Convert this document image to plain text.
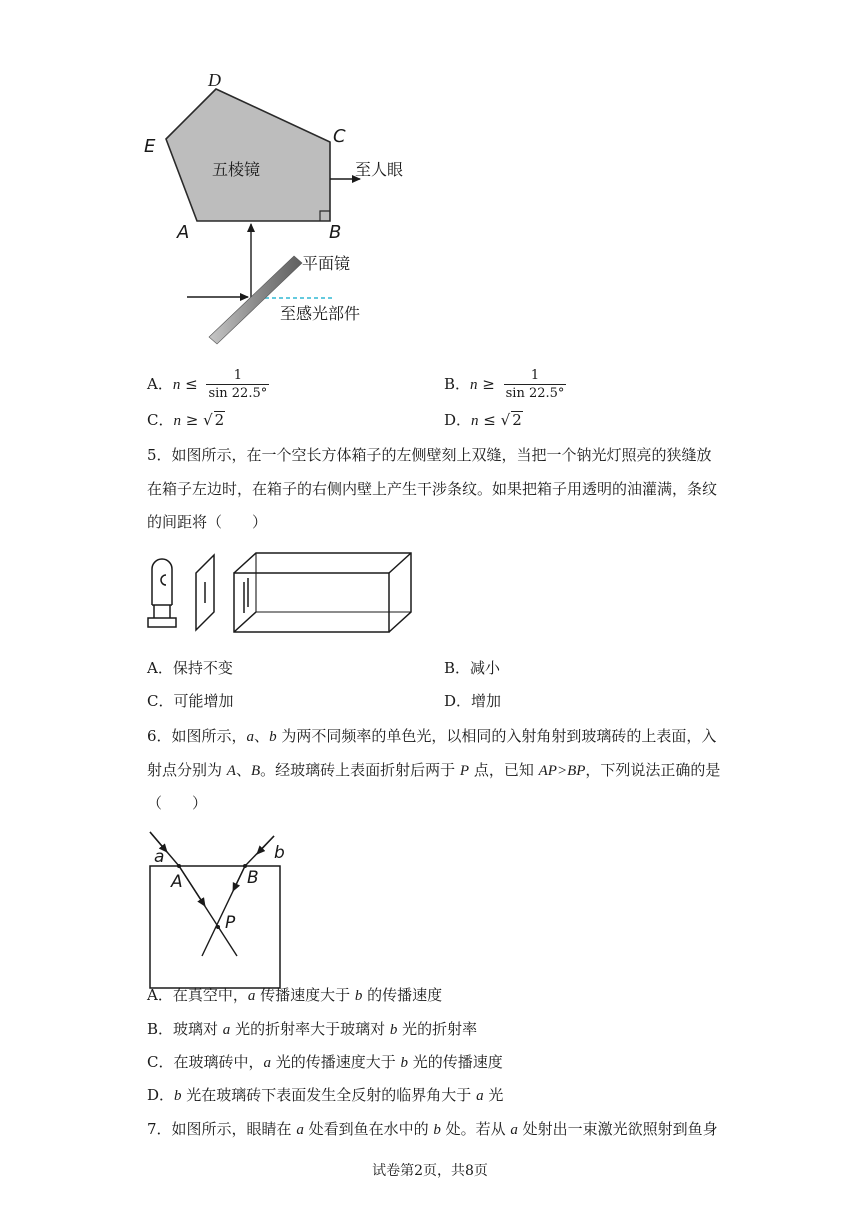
D
C
E
A	B
五棱镜	至人眼
平面镜
至感光部件
A．$n \le \frac{1}{\sin 22.5^\circ}$	B．$n \ge \frac{1}{\sin 22.5^\circ}$
C．n ≥ √ 2	D．n ≤ √ 2
5．如图所示，在一个空长方体箱子的左侧壁刻上双缝，当把一个钠光灯照亮的狭缝放
在箱子左边时，在箱子的右侧内壁上产生干涉条纹。如果把箱子用透明的油灌满，条纹
的间距将（　　）
A．保持不变	B．减小
C．可能增加	D．增加
6．如图所示，a、b 为两不同频率的单色光，以相同的入射角射到玻璃砖的上表面，入
射点分别为 A、B。经玻璃砖上表面折射后两于 P 点，已知 AP>BP，下列说法正确的是
（　　）
a	b
A	B
P
A．在真空中，a 传播速度大于 b 的传播速度
B．玻璃对 a 光的折射率大于玻璃对 b 光的折射率
C．在玻璃砖中，a 光的传播速度大于 b 光的传播速度
D．b 光在玻璃砖下表面发生全反射的临界角大于 a 光
7．如图所示，眼睛在 a 处看到鱼在水中的 b 处。若从 a 处射出一束激光欲照射到鱼身
试卷第2页，共8页
